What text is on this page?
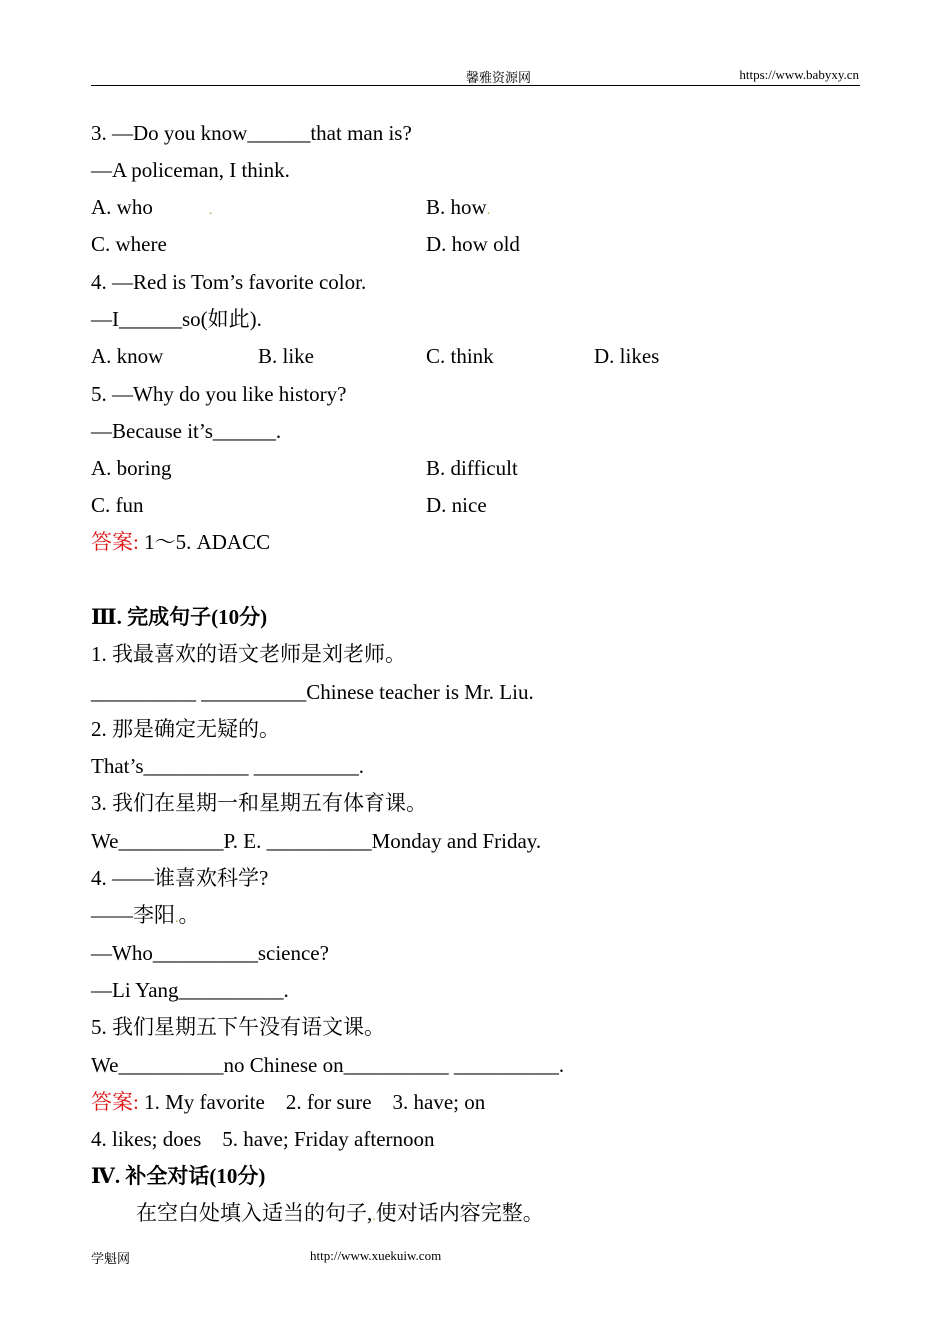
馨雅资源网	https://www.babyxy.cn
3. —Do you know______that man is?
—A policeman, I think.
A. who	.	B. how.
C. where	D. how old
4. —Red is Tom’s favorite color.
—I______so(如此).
A. know	B. like	C. think	D. likes
5. —Why do you like history?
—Because it’s______.
A. boring	B. difficult
C. fun	D. nice
答案: 1～5. ADACC
Ⅲ. 完成句子(10分)
1. 我最喜欢的语文老师是刘老师。
__________ __________Chinese teacher is Mr. Liu.
2. 那是确定无疑的。
That’s__________ __________.
3. 我们在星期一和星期五有体育课。
We__________P. E. __________Monday and Friday.
4. ——谁喜欢科学?
——李阳.。
—Who__________science?
—Li Yang__________.
5. 我们星期五下午没有语文课。
We__________no Chinese on__________ __________.
答案: 1. My favorite    2. for sure    3. have; on
4. likes; does    5. have; Friday afternoon
Ⅳ. 补全对话(10分)
在空白处填入适当的句子,.使对话内容完整。
学魁网	http://www.xuekuiw.com
